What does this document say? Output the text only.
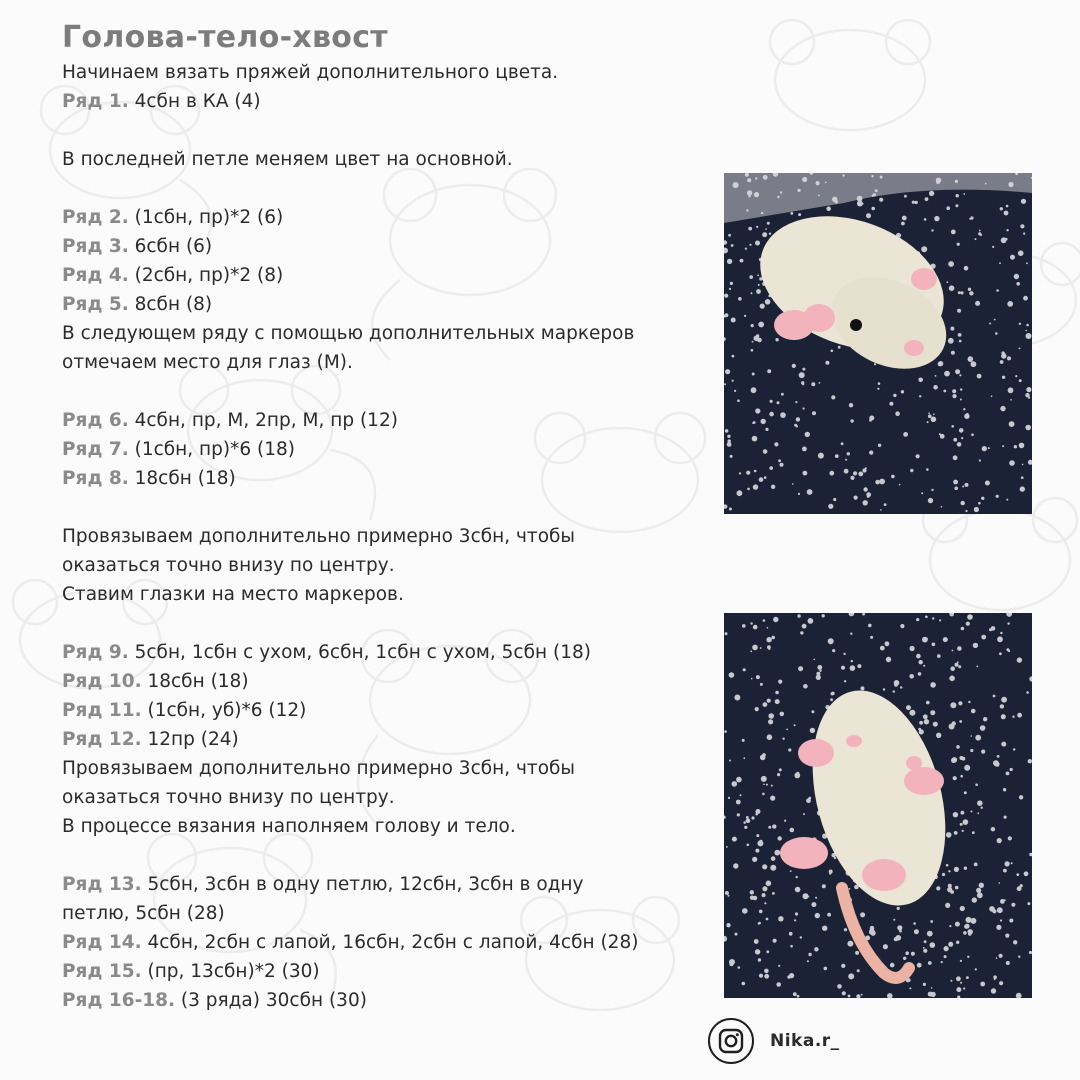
Голова-тело-хвост
Начинаем вязать пряжей дополнительного цвета.
Ряд 1. 4сбн в КА (4)
В последней петле меняем цвет на основной.
Ряд 2. (1сбн, пр)*2 (6)
Ряд 3. 6сбн (6)
Ряд 4. (2сбн, пр)*2 (8)
Ряд 5. 8сбн (8)
В следующем ряду с помощью дополнительных маркеров
отмечаем место для глаз (М).
Ряд 6. 4сбн, пр, М, 2пр, М, пр (12)
Ряд 7. (1сбн, пр)*6 (18)
Ряд 8. 18сбн (18)
Провязываем дополнительно примерно 3сбн, чтобы
оказаться точно внизу по центру.
Ставим глазки на место маркеров.
Ряд 9. 5сбн, 1сбн с ухом, 6сбн, 1сбн с ухом, 5сбн (18)
Ряд 10. 18сбн (18)
Ряд 11. (1сбн, уб)*6 (12)
Ряд 12. 12пр (24)
Провязываем дополнительно примерно 3сбн, чтобы
оказаться точно внизу по центру.
В процессе вязания наполняем голову и тело.
Ряд 13. 5сбн, 3сбн в одну петлю, 12сбн, 3сбн в одну
петлю, 5сбн (28)
Ряд 14. 4сбн, 2сбн с лапой, 16сбн, 2сбн с лапой, 4сбн (28)
Ряд 15. (пр, 13сбн)*2 (30)
Ряд 16-18. (3 ряда) 30сбн (30)
Nika.r_
